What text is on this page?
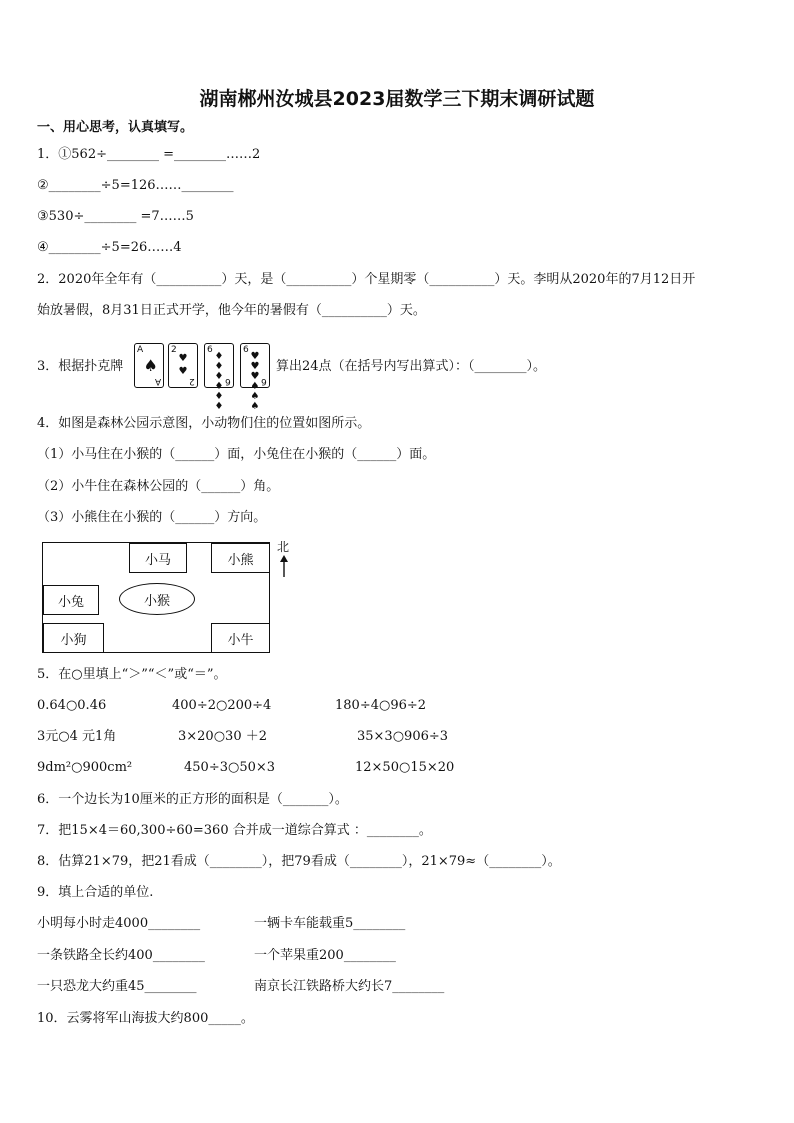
湖南郴州汝城县2023届数学三下期末调研试题
一、用心思考，认真填写。
1．①562÷________ =________……2
②________÷5=126……________
③530÷________ =7……5
④________÷5=26……4
2．2020年全年有（__________）天，是（__________）个星期零（__________）天。李明从2020年的7月12日开
始放暑假，8月31日正式开学，他今年的暑假有（__________）天。
3．根据扑克牌
A
♠
A
2
♥
♥
2
6
♦
♦
♦
♦
♦
♦
6
6
♥
♥
♥
♠
♠
♠
6
算出24点（在括号内写出算式）：（________）。
4．如图是森林公园示意图，小动物们住的位置如图所示。
（1）小马住在小猴的（______）面，小兔住在小猴的（______）面。
（2）小牛住在森林公园的（______）角。
（3）小熊住在小猴的（______）方向。
小马	小熊
小兔	小猴
小狗	小牛
北
5．在○里填上“＞”“＜”或“＝”。
0.64○0.46	400÷2○200÷4	180÷4○96÷2
3元○4 元1角	3×20○30 ＋2	35×3○906÷3
9dm²○900cm²	450÷3○50×3	12×50○15×20
6．一个边长为10厘米的正方形的面积是（_______）。
7．把15×4＝60,300÷60=360 合并成一道综合算式 ：________。
8．估算21×79，把21看成（________），把79看成（________），21×79≈（________）。
9．填上合适的单位.
小明每小时走4000________	一辆卡车能载重5________
一条铁路全长约400________	一个苹果重200________
一只恐龙大约重45________	南京长江铁路桥大约长7________
10．云雾将军山海拔大约800_____。
